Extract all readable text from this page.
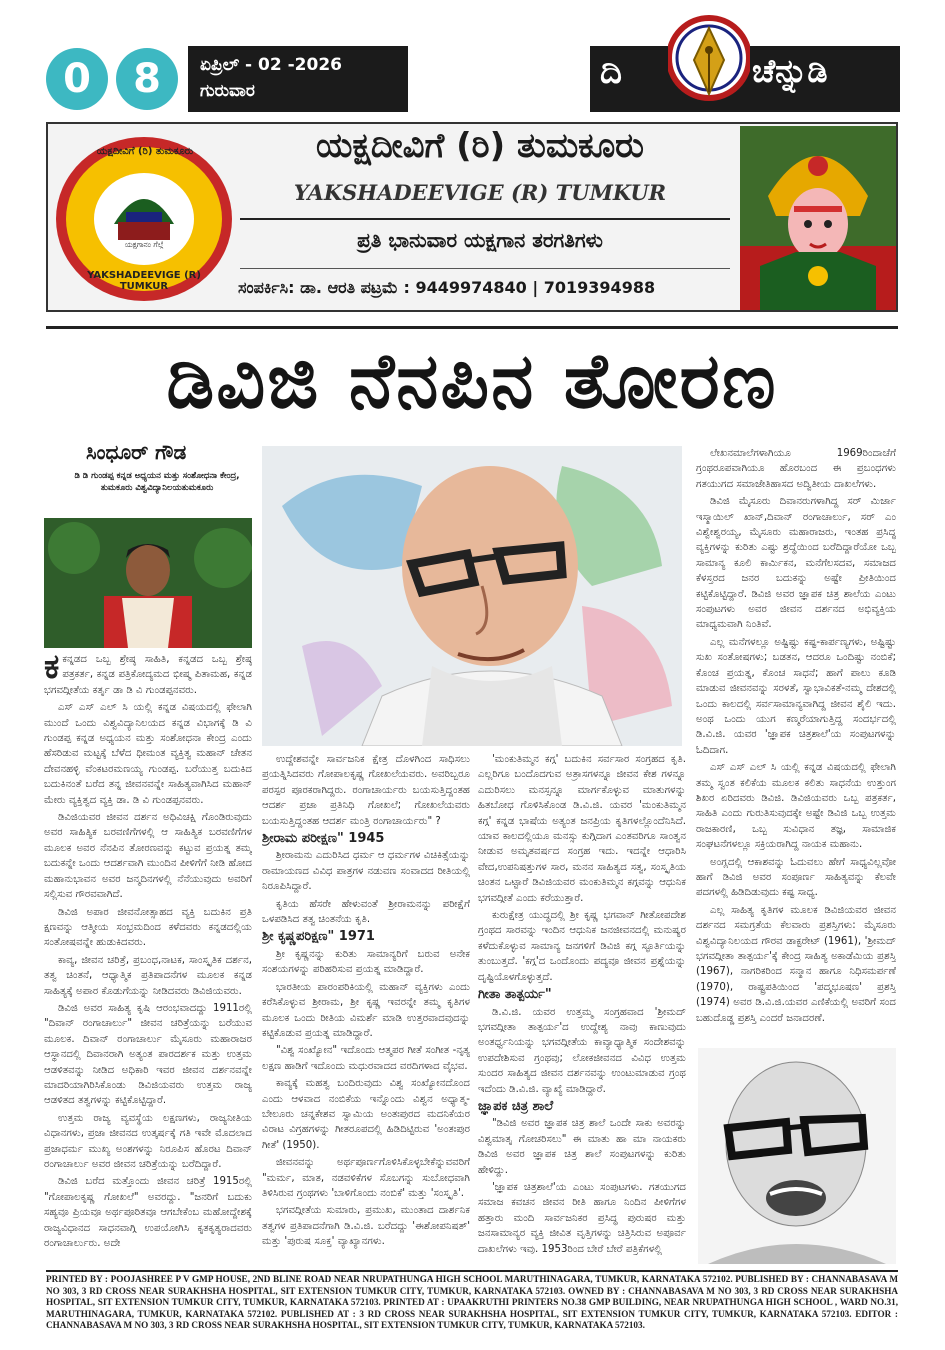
0	8	ಏಪ್ರಿಲ್ - 02 -2026
ಗುರುವಾರ	ದಿ	ಚೆನ್ನುಡಿ
ಯಕ್ಷದೀವಿಗೆ (ರಿ) ತುಮಕೂರು
YAKSHADEEVIGE (R) TUMKUR
ಯಕ್ಷಗಾನಂ ಗೆಲ್ಗೆ
ಯಕ್ಷದೀವಿಗೆ (ರಿ) ತುಮಕೂರು
YAKSHADEEVIGE (R) TUMKUR
ಪ್ರತಿ ಭಾನುವಾರ ಯಕ್ಷಗಾನ ತರಗತಿಗಳು
ಸಂಪರ್ಕಿಸಿ: ಡಾ. ಆರತಿ ಪಟ್ರಮೆ : 9449974840 | 7019394988
ಡಿವಿಜಿ ನೆನಪಿನ ತೋರಣ
ಸಿಂಧೂರ್ ಗೌಡ
ಡಿ ಡಿ ಗುಂಡಪ್ಪ ಕನ್ನಡ ಅಧ್ಯಯನ ಮತ್ತು ಸಂಶೋಧನಾ ಕೇಂದ್ರ, ತುಮಕೂರು ವಿಶ್ವವಿದ್ಯಾನಿಲಯತುಮಕೂರು

ಕಕನ್ನಡದ ಒಬ್ಬ ಶ್ರೇಷ್ಠ ಸಾಹಿತಿ, ಕನ್ನಡದ ಒಬ್ಬ ಶ್ರೇಷ್ಠ ಪತ್ರಕರ್ತ, ಕನ್ನಡ ಪತ್ರಿಕೋದ್ಯಮದ ಭೀಷ್ಮ ಪಿತಾಮಹ, ಕನ್ನಡ ಭಗವದ್ಗೀತೆಯ ಕರ್ತೃ ಡಾ ಡಿ ವಿ ಗುಂಡಪ್ಪನವರು.

ಎಸ್ ಎಸ್ ಎಲ್ ಸಿ ಯಲ್ಲಿ ಕನ್ನಡ ವಿಷಯದಲ್ಲಿ ಫೇಲಾಗಿ ಮುಂದೆ ಒಂದು ವಿಶ್ವವಿದ್ಯಾನಿಲಯದ ಕನ್ನಡ ವಿಭಾಗಕ್ಕೆ ಡಿ ವಿ ಗುಂಡಪ್ಪ ಕನ್ನಡ ಅಧ್ಯಯನ ಮತ್ತು ಸಂಶೋಧನಾ ಕೇಂದ್ರ ಎಂದು ಹೆಸರಿಡುವ ಮಟ್ಟಕ್ಕೆ ಬೆಳೆದ ಧೀಮಂತ ವ್ಯಕ್ತಿತ್ವ ಮಹಾನ್ ಚೇತನ ದೇವನಹಳ್ಳಿ ವೆಂಕಟರಮಣಯ್ಯ ಗುಂಡಪ್ಪ. ಬರೆಯುತ್ತ ಬದುಕಿದ ಬದುಕಿನಂತೆ ಬರೆದ ತನ್ನ ಜೀವನವನ್ನೇ ಸಾಹಿತ್ಯವಾಗಿಸಿದ ಮಹಾನ್ ಮೇರು ವ್ಯಕ್ತಿತ್ವದ ವ್ಯಕ್ತಿ ಡಾ. ಡಿ ವಿ ಗುಂಡಪ್ಪನವರು.

ಡಿವಿಜಿಯವರ ಜೀವನ ದರ್ಶನ ಅಧಿವಿಚಕ್ಷಿ ಗೊಂಡಿರುವುದು ಅವರ ಸಾಹಿತ್ಯಿಕ ಬರವಣಿಗೆಗಳಲ್ಲಿ ಆ ಸಾಹಿತ್ಯಿಕ ಬರವಣಿಗೆಗಳ ಮೂಲಕ ಅವರ ನೆನಪಿನ ತೋರಣವನ್ನು ಕಟ್ಟುವ ಪ್ರಯತ್ನ ತಮ್ಮ ಬದುಕನ್ನೇ ಒಂದು ಆದರ್ಶವಾಗಿ ಮುಂದಿನ ಪೀಳಿಗೆಗೆ ನೀಡಿ ಹೋದ ಮಹಾನುಭಾವನ ಅವರ ಜನ್ಮದಿನಗಳಲ್ಲಿ ನೆನೆಯುವುದು ಅವರಿಗೆ ಸಲ್ಲಿಸುವ ಗೌರವವಾಗಿದೆ.

ಡಿವಿಜಿ ಅಪಾರ ಜೀವನೋತ್ಸಾಹದ ವ್ಯಕ್ತಿ ಬದುಕಿನ ಪ್ರತಿ ಕ್ಷಣವನ್ನು ಆತ್ಮೀಯ ಸಂಭ್ರಮದಿಂದ ಕಳೆದವರು ಕನ್ನಡದಲ್ಲಿಯ ಸಂತೋಷವನ್ನೇ ಹುಡುಕಿದವರು.

ಕಾವ್ಯ, ಜೀವನ ಚರಿತ್ರೆ, ಪ್ರಬಂಧ,ನಾಟಕ, ಸಾಂಸ್ಕೃತಿಕ ದರ್ಶನ, ತತ್ವ ಚಿಂತನೆ, ಆಧ್ಯಾತ್ಮಿಕ ಪ್ರತಿಪಾದನೆಗಳ ಮೂಲಕ ಕನ್ನಡ ಸಾಹಿತ್ಯಕ್ಕೆ ಅಪಾರ ಕೊಡುಗೆಯನ್ನು ನೀಡಿದವರು ಡಿವಿಜಿಯವರು.

ಡಿವಿಜಿ ಅವರ ಸಾಹಿತ್ಯ ಕೃಷಿ ಆರಂಭವಾದದ್ದು 1911ರಲ್ಲಿ "ದಿವಾನ್ ರಂಗಾಚಾರ್ಲು" ಜೀವನ ಚರಿತ್ರೆಯನ್ನು ಬರೆಯುವ ಮೂಲಕ. ದಿವಾನ್ ರಂಗಾಚಾರ್ಲು ಮೈಸೂರು ಮಹಾರಾಜರ ಆಸ್ಥಾನದಲ್ಲಿ ದಿವಾನರಾಗಿ ಅತ್ಯಂತ ಪಾರದರ್ಶಕ ಮತ್ತು ಉತ್ತಮ ಆಡಳಿತವನ್ನು ನೀಡಿದ ಅಧಿಕಾರಿ ಇವರ ಜೀವನ ದರ್ಶನವನ್ನೇ ಮಾದರಿಯಾಗಿರಿಸಿಕೊಂಡು ಡಿವಿಜಿಯವರು ಉತ್ತಮ ರಾಜ್ಯ ಆಡಳಿತದ ತತ್ವಗಳನ್ನು ಕಟ್ಟಿಕೊಟ್ಟಿದ್ದಾರೆ.

ಉತ್ತಮ ರಾಜ್ಯ ವ್ಯವಸ್ಥೆಯ ಲಕ್ಷಣಗಳು, ರಾಜ್ಯನೀತಿಯ ವಿಧಾನಗಳು, ಪ್ರಜಾ ಜೀವನದ ಉತ್ಕರ್ಷಕ್ಕೆ ಗತಿ ಇವೇ ಮೊದಲಾದ ಪ್ರಜಾಧರ್ಮ ಮುಖ್ಯ ಅಂಶಗಳನ್ನು ನಿರೂಪಿಸ ಹೊರಟ ದಿವಾನ್ ರಂಗಾಚಾರ್ಲು ಅವರ ಜೀವನ ಚರಿತ್ರೆಯನ್ನು ಬರೆದಿದ್ದಾರೆ.

ಡಿವಿಜಿ ಬರೆದ ಮತ್ತೊಂದು ಜೀವನ ಚರಿತ್ರೆ 1915ರಲ್ಲಿ "ಗೋಪಾಲಕೃಷ್ಣ ಗೋಖಲೆ" ಅವರದ್ದು. "ಜನರಿಗೆ ಬದುಕು ಸಹ್ಯವೂ ಪ್ರಿಯವೂ ಅರ್ಥಪೂರಿತವೂ ಆಗಬೇಕೆಂಬ ಮಹೋದ್ದೇಶಕ್ಕೆ ರಾಜ್ಯವಿಧಾನದ ಸಾಧನವಾಗ್ಗಿ ಉಪಯೋಗಿಸಿ ಕೃತಕೃತ್ಯರಾದವರು ರಂಗಾಚಾರ್ಲುರು. ಅದೇ

ಉದ್ದೇಶವನ್ನೇ ಸಾರ್ವಜನಿಕ ಕ್ಷೇತ್ರ ದೊಳಗಿಂದ ಸಾಧಿಸಲು ಪ್ರಯತ್ನಿಸಿದವರು ಗೋಪಾಲಕೃಷ್ಣ ಗೋಖಲೆಯವರು. ಅವರಿಬ್ಬರೂ ಪರಸ್ಪರ ಪೂರಕರಾಗಿದ್ದರು. ರಂಗಾಚಾರ್ಯರು ಬಯಸುತ್ತಿದ್ದಂತಹ ಆದರ್ಶ ಪ್ರಜಾ ಪ್ರತಿನಿಧಿ ಗೋಖಲೆ; ಗೋಖಲೆಯವರು ಬಯಸುತ್ತಿದ್ದಂತಹ ಆದರ್ಶ ಮಂತ್ರಿ ರಂಗಾಚಾರ್ಯರು" ?

ಶ್ರೀರಾಮ ಪರೀಕ್ಷಣ" 1945

ಶ್ರೀರಾಮನು ಎದುರಿಸಿದ ಧರ್ಮ ಆ ಧರ್ಮಗಳ ವಿಚಿಕಿತ್ಸೆಯನ್ನು ರಾಮಾಯಣದ ವಿವಿಧ ಪಾತ್ರಗಳ ನಡುವಣ ಸಂವಾದದ ರೀತಿಯಲ್ಲಿ ನಿರೂಪಿಸಿದ್ದಾರೆ.

ಕೃತಿಯ ಹೆಸರೇ ಹೇಳುವಂತೆ ಶ್ರೀರಾಮನನ್ನು ಪರೀಕ್ಷೆಗೆ ಒಳಪಡಿಸಿದ ತತ್ವ ಚಿಂತನೆಯ ಕೃತಿ.

ಶ್ರೀ ಕೃಷ್ಣಪರಿಕ್ಷಣ" 1971

ಶ್ರೀ ಕೃಷ್ಣನನ್ನು ಕುರಿತು ಸಾಮಾನ್ಯರಿಗೆ ಬರುವ ಅನೇಕ ಸಂಶಯಗಳನ್ನು ಪರಿಹರಿಸುವ ಪ್ರಯತ್ನ ಮಾಡಿದ್ದಾರೆ.

ಭಾರತೀಯ ಪಾರಂಪರಿಕಿಯಲ್ಲಿ ಮಹಾನ್ ವ್ಯಕ್ತಿಗಳು ಎಂದು ಕರೆಸಿಕೊಳ್ಳುವ ಶ್ರೀರಾಮ, ಶ್ರೀ ಕೃಷ್ಣ ಇವರನ್ನೇ ತಮ್ಮ ಕೃತಿಗಳ ಮೂಲಕ ಒಂದು ರೀತಿಯ ವಿಮರ್ಶೆ ಮಾಡಿ ಉತ್ತರವಾದವುದನ್ನು ಕಟ್ಟಿಕೊಡುವ ಪ್ರಯತ್ನ ಮಾಡಿದ್ದಾರೆ.

"ವಿಶ್ವ ಸಂಖ್ಯೋನ" ಇದೊಂದು ಆತ್ಮಪರ ಗೀತೆ ಸಂಗೀತ -ನೃತ್ಯ ಲಕ್ಷಣ ಹಾಡಿಗೆ ಇದೊಂದು ಮಧುರವಾದದ ವರದಿಗಳಾದ ವೈಭವ.

ಕಾವ್ಯಕ್ಕೆ ಮಹತ್ವ ಬಂದಿರುವುದು ವಿಶ್ವ ಸಂಖ್ಯೋನದೊಂದ ಎಂದು ಆಳವಾದ ನಂಬಿಕೆಯ ಇನ್ನೊಂದು ವಿಶ್ವನ ಅಧ್ಯಾತ್ಮ-ಬೇಲೂರು ಚನ್ನಕೇಶವ ಸ್ವಾಮಿಯ ಅಂತಃಪುರದ ಮದನಿಕೆಯರ ವಿರಾಟ ವಿಗ್ರಹಗಳನ್ನು ಗೀತರೂಪದಲ್ಲಿ ಹಿಡಿದಿಟ್ಟಿರುವ 'ಅಂತಃಪುರ ಗೀತೆ' (1950).

ಜೀವನವನ್ನು ಅರ್ಥಪೂರ್ಣಗೊಳಿಸಿಕೊಳ್ಳಬೇಕೆನ್ನುವವರಿಗೆ "ಮರ್ಮ, ಮಾತ, ನಡವಳಿಕೆಗಳ ಸೊಬಗನ್ನು ಸುಬೋಧವಾಗಿ ತಿಳಿಸಿರುವ ಗ್ರಂಥಗಳು 'ಬಾಳಿಗೊಂದು ನಂಬಿಕೆ' ಮತ್ತು 'ಸಂಸ್ಕೃತಿ'.

ಭಗವದ್ಗೀತೆಯ ಸುಮಾರು, ಪ್ರಮುಖ, ಮುಂತಾದ ದಾರ್ಶನಿಕ ತತ್ವಗಳ ಪ್ರತಿಪಾದನೆಗಾಗಿ ಡಿ.ವಿ.ಜಿ. ಬರೆದದ್ದು 'ಈಶೋಪನಿಷತ್' ಮತ್ತು 'ಪುರುಷ ಸೂಕ್ತ' ವ್ಯಾಖ್ಯಾನಗಳು.

'ಮಂಕುತಿಮ್ಮನ ಕಗ್ಗ' ಬದುಕಿನ ಸರ್ವಸಾರ ಸಂಗ್ರಹದ ಕೃತಿ. ಎಲ್ಲರಿಗೂ ಬಂದೊದಗುವ ಅತ್ರಾಸಗಳನ್ನೂ ಜೀವನ ಕೇಶ ಗಳನ್ನೂ ಎದುರಿಸಲು ಮನಸ್ಸನ್ನೂ ಮಾರ್ಗಕೊಳ್ಳುವ ಮಾತುಗಳನ್ನು ಹಿತಬೋಧ ಗೊಳಿಸಿಕೊಂಡ ಡಿ.ವಿ.ಜಿ. ಯವರ 'ಮಂಕುತಿಮ್ಮನ ಕಗ್ಗ' ಕನ್ನಡ ಭಾಷೆಯ ಅತ್ಯಂತ ಜನಪ್ರಿಯ ಕೃತಿಗಳಲ್ಲೊಂದೆನಿಸಿದೆ. ಯಾವ ಕಾಲದಲ್ಲಿಯೂ ಮನಸ್ಸು ಕುಗ್ಗಿದಾಗ ಎಂತವರಿಗೂ ಸಾಂತ್ವನ ನೀಡುವ ಅಮೃತವರ್ಷದ ಸಂಗ್ರಹ ಇದು. ಇದನ್ನೇ ಆಧಾರಿಸಿ ವೇದ,ಉಪನಿಷತ್ತುಗಳ ಸಾರ, ಮನನ ಸಾಹಿತ್ಯದ ಸತ್ವ, ಸಂಸ್ಕೃತಿಯ ಚಿಂತನ ಒಟ್ಟಾರೆ ಡಿವಿಜಿಯವರ ಮಂಕುತಿಮ್ಮನ ಕಗ್ಗವನ್ನು ಆಧುನಿಕ ಭಗವದ್ಗೀತೆ ಎಂದು ಕರೆಯುತ್ತಾರೆ.

ಕುರುಕ್ಷೇತ್ರ ಯುದ್ಧದಲ್ಲಿ ಶ್ರೀ ಕೃಷ್ಣ ಭಗವಾನ್ ಗೀತೋಪದೇಶ ಗ್ರಂಥದ ಸಾರವನ್ನು ಇಂದಿನ ಆಧುನಿಕ ಜನಜೀವನದಲ್ಲಿ ಮನುಷ್ಯರ ಕಳೆದುಕೊಳ್ಳುವ ಸಾಮಾನ್ಯ ಜನಗಳಿಗೆ ಡಿವಿಜಿ ಕಗ್ಗ ಸ್ಫೂರ್ತಿಯನ್ನು ತುಂಬುತ್ತದೆ. 'ಕಗ್ಗ'ದ ಒಂದೊಂದು ಪದ್ಯವೂ ಜೀವನ ಪ್ರಶ್ನೆಯನ್ನು ದೃಷ್ಟಿಯೊಳಗೊಳ್ಳುತ್ತದೆ.

ಗೀತಾ ತಾತ್ಪರ್ಯ"

ಡಿ.ವಿ.ಜಿ. ಯವರ ಉತ್ತಮ್ಮ ಸಂಗ್ರಹವಾದ 'ಶ್ರೀಮದ್ ಭಗವದ್ಗೀತಾ ತಾತ್ಪರ್ಯ'ದ ಉದ್ದೇಶ್ಯ ನಾವು ಕಾಣುವುದು ಅಂತರ್ಧ್ವನಿಯನ್ನು ಭಗವದ್ಗೀತೆಯ ಕಾವ್ಯಾಧ್ಯಾತ್ಮಿಕ ಸಂದೇಶವನ್ನು ಉಪದೇಶಿಸುವ ಗ್ರಂಥವು; ಲೋಕಜೀವನದ ವಿವಿಧ ಉತ್ತಮ ಸುಂದರ ಸಾಹಿತ್ಯದ ಜೀವನ ದರ್ಶನವನ್ನು ಉಂಟುಮಾಡುವ ಗ್ರಂಥ ಇದೆಂದು ಡಿ.ವಿ.ಜಿ. ವ್ಯಾಖ್ಯೆ ಮಾಡಿದ್ದಾರೆ.

ಜ್ಞಾಪಕ ಚಿತ್ರ ಶಾಲೆ

"ಡಿವಿಜಿ ಅವರ ಜ್ಞಾಪಕ ಚಿತ್ರ ಶಾಲೆ ಒಂದೇ ಸಾಕು ಅವರನ್ನು ವಿಶ್ವಮಾತೃ ಗೋಚರಿಸಲು" ಈ ಮಾತು ಹಾ ಮಾ ನಾಯಕರು ಡಿವಿಜಿ ಅವರ ಜ್ಞಾಪಕ ಚಿತ್ರ ಶಾಲೆ ಸಂಪುಟಗಳನ್ನು ಕುರಿತು ಹೇಳಿದ್ದು.

'ಜ್ಞಾಪಕ ಚಿತ್ರಶಾಲೆ'ಯ ಎಂಟು ಸಂಪುಟಗಳು. ಗತಯುಗದ ಸಮಾಜ ಕವಚನ ಜೀವನ ರೀತಿ ಹಾಗೂ ನಿಂದಿನ ಪೀಳಿಗೆಗಳ ಹತ್ತಾರು ಮಂದಿ ಸಾರ್ವಜನಿಕರ ಪ್ರಸಿದ್ಧ ಪುರುಷರ ಮತ್ತು ಜನಸಾಮಾನ್ಯರ ವ್ಯಕ್ತಿ ಜೀವಿತ ವೃತ್ತಿಗಳನ್ನು ಚಿತ್ರಿಸಿರುವ ಅಪೂರ್ವ ದಾಖಲೆಗಳು ಇವು. 1953ರಿಂದ ಬೇರೆ ಬೇರೆ ಪತ್ರಿಕೆಗಳಲ್ಲಿ

ಲೇಖನಮಾಲೆಗಳಾಗಿಯೂ 1969ರಿಂದಾಚೆಗೆ ಗ್ರಂಥರೂಪವಾಗಿಯೂ ಹೊರಬಂದ ಈ ಪ್ರಬಂಧಗಳು ಗತಯುಗದ ಸಮಾಜೇತಿಹಾಸದ ಅದ್ವಿತೀಯ ದಾಖಲೆಗಳು.

ಡಿವಿಜಿ ಮೈಸೂರು ದಿವಾನರುಗಳಾಗಿದ್ದ ಸರ್ ಮಿರ್ಜಾ ಇಸ್ಮಾಯಿಲ್ ಖಾನ್,ದಿವಾನ್ ರಂಗಾಚಾರ್ಲು, ಸರ್ ಎಂ ವಿಶ್ವೇಶ್ವರಯ್ಯ, ಮೈಸೂರು ಮಹಾರಾಜರು, ಇಂತಹ ಪ್ರಸಿದ್ಧ ವ್ಯಕ್ತಿಗಳನ್ನು ಕುರಿತು ಎಷ್ಟು ಶ್ರದ್ಧೆಯಿಂದ ಬರೆದಿದ್ದಾರೆಯೋ ಒಬ್ಬ ಸಾಮಾನ್ಯ ಕೂಲಿ ಕಾರ್ಮಿಕನ, ಮನೆಗೆಲಸದವ, ಸಮಾಜದ ಕೆಳಸ್ತರದ ಜನರ ಬದುಕನ್ನು ಅಷ್ಟೇ ಪ್ರೀತಿಯಿಂದ ಕಟ್ಟಿಕೊಟ್ಟಿದ್ದಾರೆ. ಡಿವಿಜಿ ಅವರ ಜ್ಞಾಪಕ ಚಿತ್ರ ಶಾಲೆಯ ಎಂಟು ಸಂಪುಟಗಳು ಅವರ ಜೀವನ ದರ್ಶನದ ಅಭಿವ್ಯಕ್ತಿಯ ಮಾಧ್ಯಮವಾಗಿ ನಿಂತಿವೆ.

ಎಲ್ಲ ಮನೆಗಳಲ್ಲೂ ಅಷ್ಟಿಷ್ಟು ಕಷ್ಟ-ಕಾರ್ಪಣ್ಯಗಳು, ಅಷ್ಟಿಷ್ಟು ಸುಖ ಸಂತೋಷಗಳು; ಬಡತನ, ಆದರೂ ಒಂದಿಷ್ಟು ನಂಬಿಕೆ; ಕೊಂಚ ಪ್ರಯತ್ನ, ಕೊಂಚ ಸಾಧನೆ; ಹಾಗೆ ಪಾಲು ಕೂಡಿ ಮಾಡುವ ಜೀವನವನ್ನು ಸರಳತೆ, ಸ್ವಾಭಾವಿಕತೆ-ನಮ್ಮ ದೇಶದಲ್ಲಿ ಒಂದು ಕಾಲದಲ್ಲಿ ಸರ್ವಸಾಮಾನ್ಯವಾಗಿದ್ದ ಜೀವನ ಶೈಲಿ ಇದು. ಅಂಥ ಒಂದು ಯುಗ ಕಣ್ಮರೆಯಾಗುತ್ತಿದ್ದ ಸಂದರ್ಭದಲ್ಲಿ ಡಿ.ವಿ.ಜಿ. ಯವರ 'ಜ್ಞಾಪಕ ಚಿತ್ರಶಾಲೆ'ಯ ಸಂಪುಟಗಳನ್ನು ಓದಿದಾಗ.

ಎಸ್ ಎಸ್ ಎಲ್ ಸಿ ಯಲ್ಲಿ ಕನ್ನಡ ವಿಷಯದಲ್ಲಿ ಫೇಲಾಗಿ ತಮ್ಮ ಸ್ವಂತ ಕಲಿಕೆಯ ಮೂಲಕ ಕಲಿತು ಸಾಧನೆಯ ಉತ್ತುಂಗ ಶಿಖರ ಏರಿದವರು ಡಿವಿಜಿ. ಡಿವಿಜಿಯವರು ಒಬ್ಬ ಪತ್ರಕರ್ತ, ಸಾಹಿತಿ ಎಂದು ಗುರುತಿಸುವುದಕ್ಕೇ ಅಷ್ಟೇ ಡಿವಿಜಿ ಒಬ್ಬ ಉತ್ತಮ ರಾಜಕಾರಣಿ, ಒಬ್ಬ ಸುವಿಧಾನ ತಜ್ಞ, ಸಾಮಾಜಿಕ ಸಂಘಟನೆಗಳಲ್ಲೂ ಸಕ್ರಿಯರಾಗಿದ್ದ ನಾಯಕ ಮಹಾನು.

ಅಂಗ್ಲದಲ್ಲಿ ಆಕಾಶವನ್ನು ಓದುವಲು ಹೇಗೆ ಸಾಧ್ಯವಿಲ್ಲವೋ ಹಾಗೆ ಡಿವಿಜಿ ಅವರ ಸಂಪೂರ್ಣ ಸಾಹಿತ್ಯವನ್ನು ಕೆಲವೇ ಪದಗಳಲ್ಲಿ ಹಿಡಿದಿಡುವುದು ಕಷ್ಟ ಸಾಧ್ಯ.

ಎಲ್ಲ ಸಾಹಿತ್ಯ ಕೃತಿಗಳ ಮೂಲಕ ಡಿವಿಜಿಯವರ ಜೀವನ ದರ್ಶನದ ಸಮಗ್ರತೆಯ ಕೆಲವಾರು ಪ್ರಶಸ್ತಿಗಳು: ಮೈಸೂರು ವಿಶ್ವವಿದ್ಯಾನಿಲಯದ ಗೌರವ ಡಾಕ್ಟರೇಟ್ (1961), 'ಶ್ರೀಮದ್ ಭಗವದ್ಗೀತಾ ತಾತ್ಪರ್ಯ'ಕ್ಕೆ ಕೇಂದ್ರ ಸಾಹಿತ್ಯ ಅಕಾಡೆಮಿಯ ಪ್ರಶಸ್ತಿ (1967), ನಾಗರಿಕರಿಂದ ಸನ್ಮಾನ ಹಾಗೂ ನಿಧಿಸಮರ್ಪಣೆ (1970), ರಾಷ್ಟ್ರಪತಿಯಿಂದ 'ಪದ್ಮಭೂಷಣ' ಪ್ರಶಸ್ತಿ (1974) ಅವರ ಡಿ.ವಿ.ಜಿ.ಯವರ ಎಣಿಕೆಯಲ್ಲಿ ಅವರಿಗೆ ಸಂದ ಬಹುದೊಡ್ಡ ಪ್ರಶಸ್ತಿ ಎಂದರೆ ಜನಾದರಣೆ.

PRINTED BY : POOJASHREE P V GMP HOUSE, 2ND BLINE ROAD NEAR NRUPATHUNGA HIGH SCHOOL MARUTHINAGARA, TUMKUR, KARNATAKA 572102. PUBLISHED BY : CHANNABASAVA M NO 303, 3 RD CROSS NEAR SURAKHSHA HOSPITAL, SIT EXTENSION TUMKUR CITY, TUMKUR, KARNATAKA 572103. OWNED BY : CHANNABASAVA M NO 303, 3 RD CROSS NEAR SURAKHSHA HOSPITAL, SIT EXTENSION TUMKUR CITY, TUMKUR, KARNATAKA 572103. PRINTED AT : UPAAKRUTHI PRINTERS NO.38 GMP BUILDING, NEAR NRUPATHUNGA HIGH SCHOOL , WARD NO.31, MARUTHINAGARA, TUMKUR, KARNATAKA 572102. PUBLISHED AT : 3 RD CROSS NEAR SURAKHSHA HOSPITAL, SIT EXTENSION TUMKUR CITY, TUMKUR, KARNATAKA 572103. EDITOR : CHANNABASAVA M NO 303, 3 RD CROSS NEAR SURAKHSHA HOSPITAL, SIT EXTENSION TUMKUR CITY, TUMKUR, KARNATAKA 572103.
